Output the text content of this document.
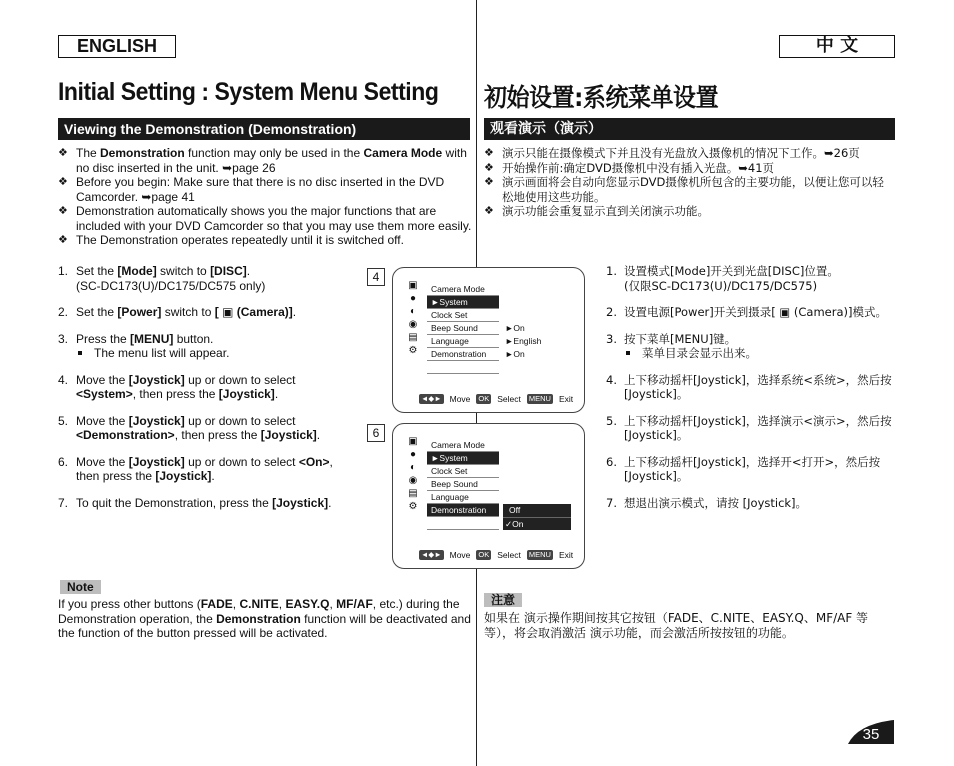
ENGLISH	中 文
Initial Setting : System Menu Setting 初始设置:系统菜单设置
Viewing the Demonstration (Demonstration)	观看演示（演示）
❖ The Demonstration function may only be used in the Camera Mode with no disc inserted in the unit. ➥page 26
❖ Before you begin: Make sure that there is no disc inserted in the DVD Camcorder. ➥page 41
❖ Demonstration automatically shows you the major functions that are included with your DVD Camcorder so that you may use them more easily.
❖ The Demonstration operates repeatedly until it is switched off.
❖ 演示只能在摄像模式下并且没有光盘放入摄像机的情况下工作。➥26页
❖ 开始操作前:确定DVD摄像机中没有插入光盘。➥41页
❖ 演示画面将会自动向您显示DVD摄像机所包含的主要功能，以便让您可以轻松地使用这些功能。
❖ 演示功能会重复显示直到关闭演示功能。
1. Set the [Mode] switch to [DISC].
(SC-DC173(U)/DC175/DC575 only)
2. Set the [Power] switch to [ ▣ (Camera)].
3. Press the [MENU] button.
The menu list will appear.
4. Move the [Joystick] up or down to select <System>, then press the [Joystick].
5. Move the [Joystick] up or down to select <Demonstration>, then press the [Joystick].
6. Move the [Joystick] up or down to select <On>, then press the [Joystick].
7. To quit the Demonstration, press the [Joystick].
1. 设置模式[Mode]开关到光盘[DISC]位置。
(仅限SC-DC173(U)/DC175/DC575)
2. 设置电源[Power]开关到摄录[ ▣ (Camera)]模式。
3. 按下菜单[MENU]键。
菜单目录会显示出来。
4. 上下移动摇杆[Joystick]，选择系统<系统>，然后按[Joystick]。
5. 上下移动摇杆[Joystick]，选择演示<演示>，然后按[Joystick]。
6. 上下移动摇杆[Joystick]，选择开<打开>，然后按[Joystick]。
7. 想退出演示模式，请按 [Joystick]。
4
▣
●
◐
◉
▤
⚙
Camera Mode
►System
Clock Set
Beep Sound	►On
Language	►English
Demonstration ►On

◄◆► Move OK Select MENU Exit
6
▣
●
◐
◉
▤
⚙
Camera Mode
►System
Clock Set
Beep Sound
Language
Demonstration
	Off
✓On
◄◆► Move OK Select MENU Exit
Note
If you press other buttons (FADE, C.NITE, EASY.Q, MF/AF, etc.) during the Demonstration operation, the Demonstration function will be deactivated and the function of the button pressed will be activated.
注意
如果在 演示操作期间按其它按钮（FADE、C.NITE、EASY.Q、MF/AF 等等），将会取消激活 演示功能，而会激活所按按钮的功能。
35
